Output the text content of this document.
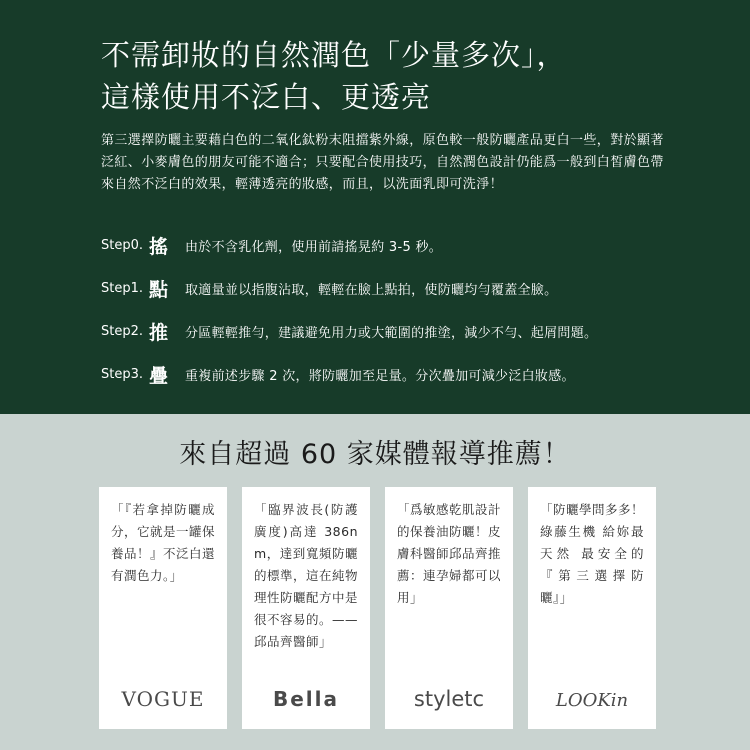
不需卸妝的自然潤色「少量多次」，
這樣使用不泛白、更透亮
第三選擇防曬主要藉白色的二氧化鈦粉末阻擋紫外線，原色較一般防曬產品更白一些，對於顯著泛紅、小麥膚色的朋友可能不適合；只要配合使用技巧，自然潤色設計仍能爲一般到白皙膚色帶來自然不泛白的效果，輕薄透亮的妝感，而且，以洗面乳即可洗淨！
Step0. 搖	由於不含乳化劑，使用前請搖晃約 3-5 秒。
Step1. 點	取適量並以指腹沾取，輕輕在臉上點拍，使防曬均勻覆蓋全臉。
Step2. 推	分區輕輕推勻，建議避免用力或大範圍的推塗，減少不勻、起屑問題。
Step3. 疊	重複前述步驟 2 次，將防曬加至足量。分次疊加可減少泛白妝感。
來自超過 60 家媒體報導推薦！
「『若拿掉防曬成分，它就是一罐保養品！』不泛白還有潤色力。」
VOGUE
「臨界波長(防護廣度)高達 386nm，達到寬頻防曬的標準，這在純物理性防曬配方中是很不容易的。—— 邱品齊醫師」
Bella
「爲敏感乾肌設計的保養油防曬！皮膚科醫師邱品齊推薦：連孕婦都可以用」
styletc
「防曬學問多多！綠藤生機 給妳最天然 最安全的『第三選擇防曬』」
LOOKin
